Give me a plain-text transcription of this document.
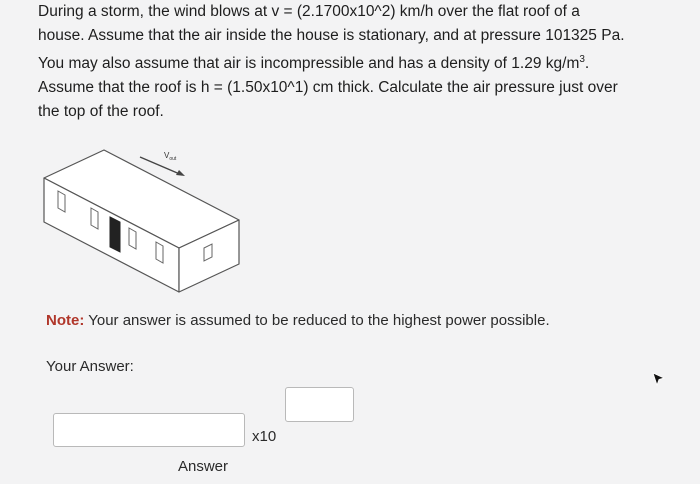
During a storm, the wind blows at v = (2.1700x10^2) km/h over the flat roof of a

house. Assume that the air inside the house is stationary, and at pressure 101325 Pa.

You may also assume that air is incompressible and has a density of 1.29 $kg/m^3$.

Assume that the roof is h = (1.50x10^1) cm thick. Calculate the air pressure just over

the top of the roof.

$V_{out}$
Note: Your answer is assumed to be reduced to the highest power possible.
Your Answer:
x10
Answer
